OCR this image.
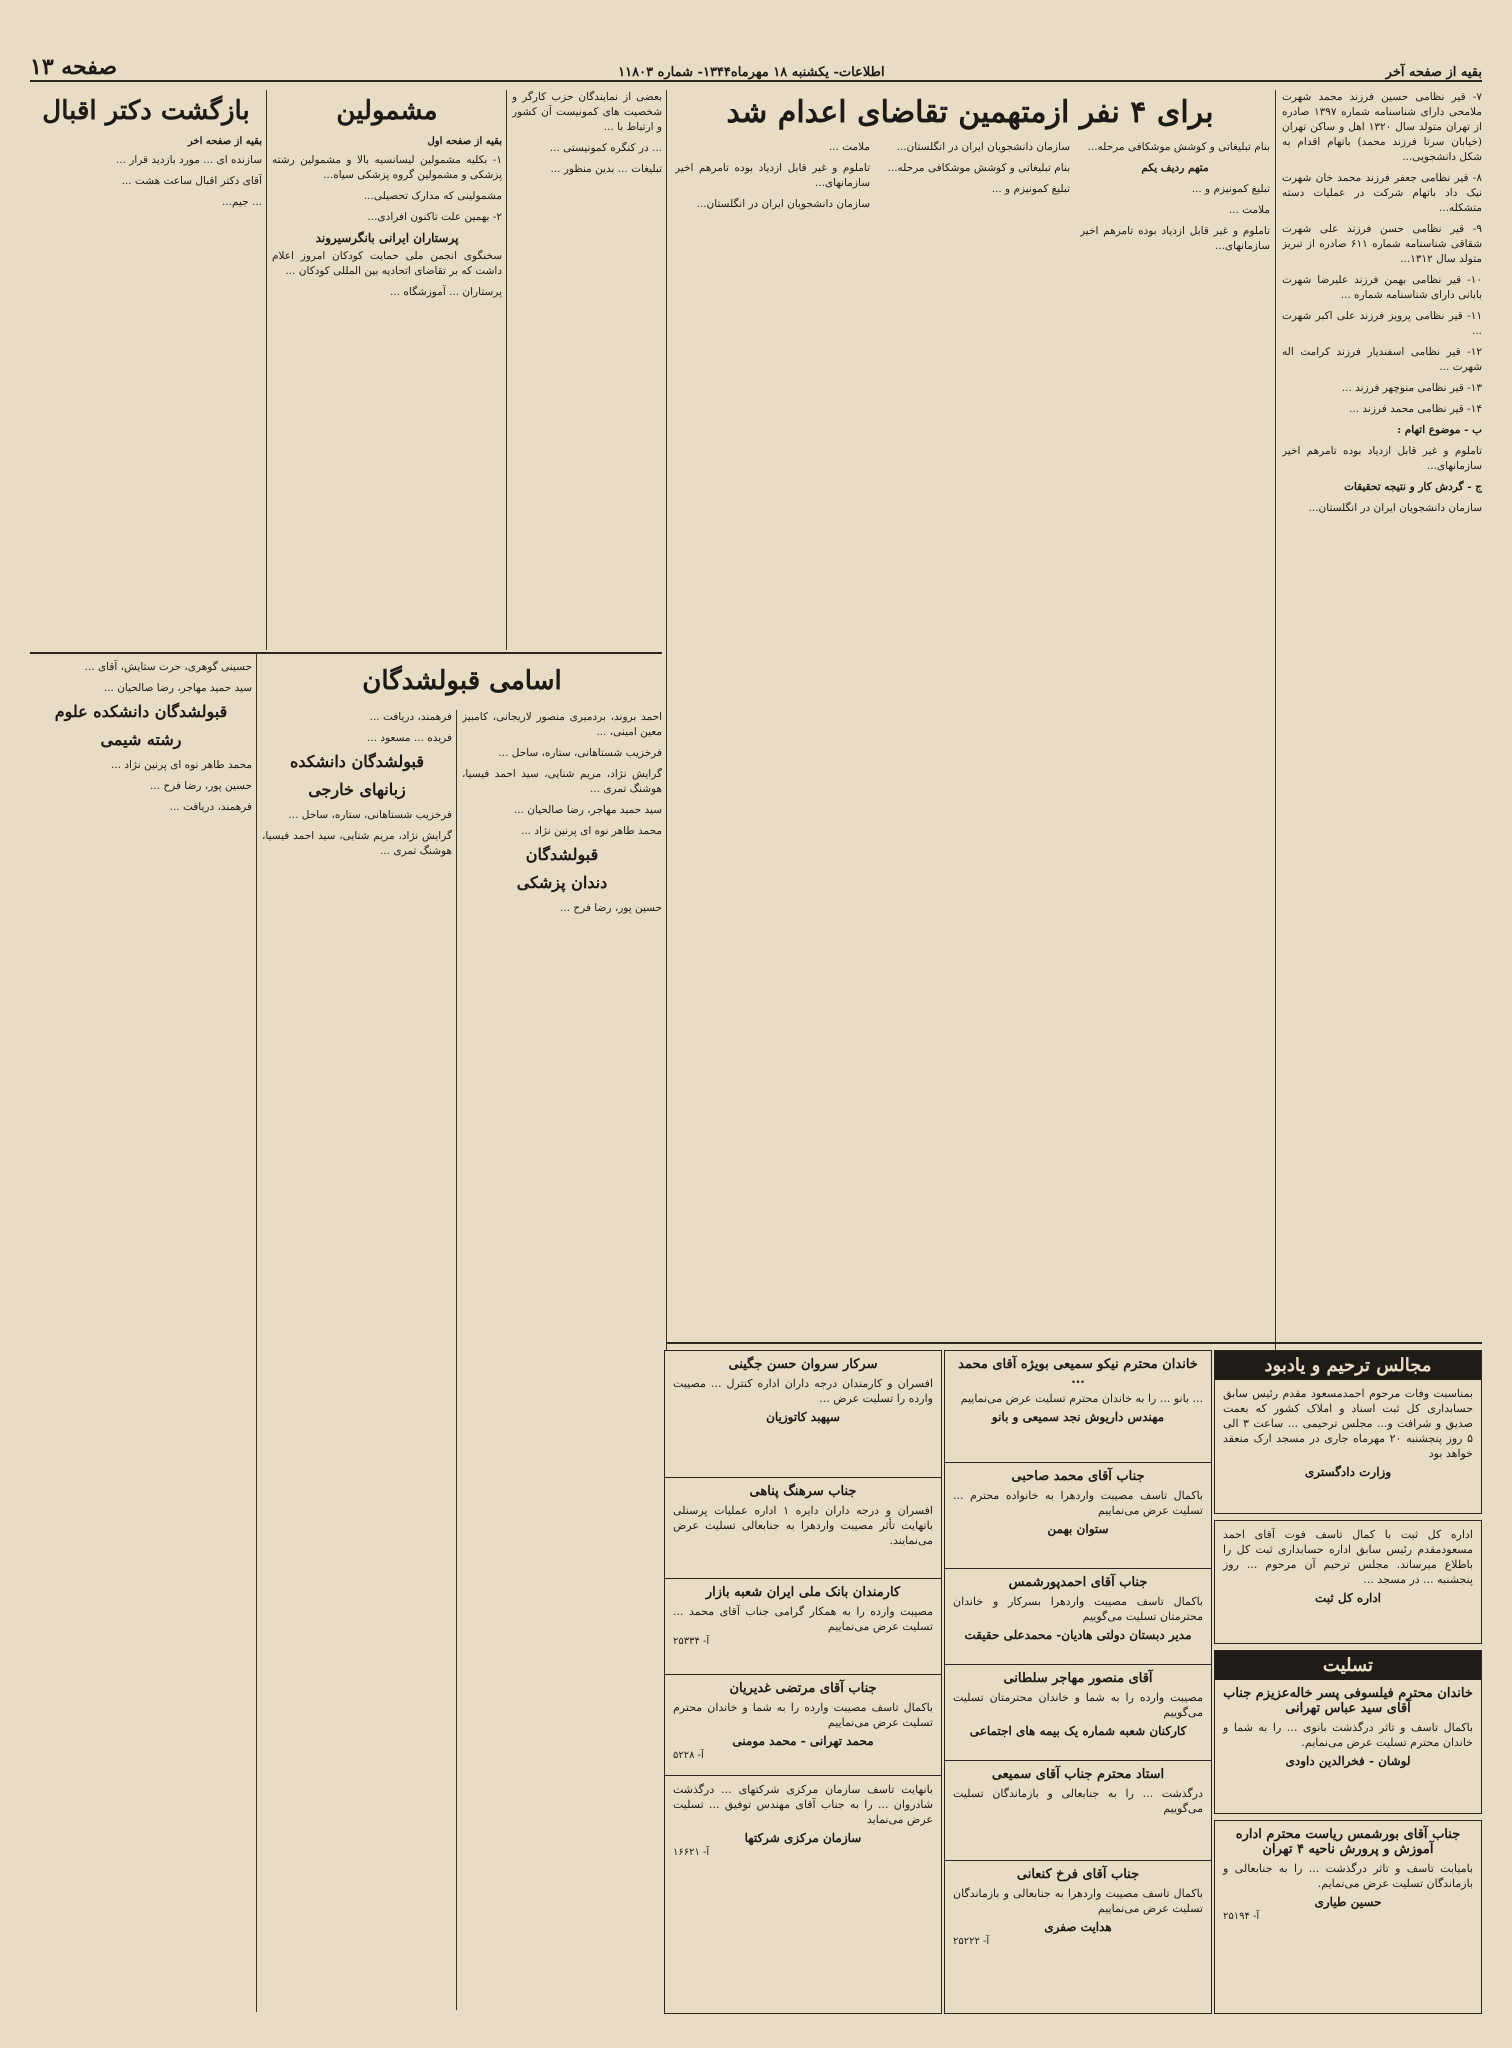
بقیه از صفحه آخر
اطلاعات- یکشنبه ۱۸ مهرماه۱۳۴۴- شماره ۱۱۸۰۳
صفحه ۱۳

۷- قیر نظامی حسین فرزند محمد شهرت ملامحی دارای شناسنامه شماره ۱۳۹۷ صادره از تهران متولد سال ۱۳۲۰ اهل و ساکن تهران (خیابان سرتا فرزند محمد) باتهام اقدام به شکل دانشجویی...

۸- قیر نظامی جعفر فرزند محمد خان شهرت نیک داد باتهام شرکت در عملیات دسته متشکله...

۹- قیر نظامی حسن فرزند علی شهرت شقاقی شناسنامه شماره ۶۱۱ صادره از تبریز متولد سال ۱۳۱۲...

۱۰- قیر نظامی بهمن فرزند علیرضا شهرت بابانی دارای شناسنامه شماره ...

۱۱- قیر نظامی پرویز فرزند علی اکبر شهرت ...

۱۲- قیر نظامی اسفندیار فرزند کرامت اله شهرت ...

۱۳- قیر نظامی منوچهر فرزند ...

۱۴- قیر نظامی محمد فرزند ...

ب - موضوع اتهام :

تاملوم و غیر قابل ازدیاد بوده تامرهم اخیر سازمانهای...

ج - گردش کار و نتیجه تحقیقات

سازمان دانشجویان ایران در انگلستان...

برای ۴ نفر ازمتهمین تقاضای اعدام شد

بنام تبلیغاتی و کوشش موشکافی مرحله...

متهم ردیف یکم

تبلیغ کمونیزم و ...

ملامت ...

تاملوم و غیر قابل ازدیاد بوده تامرهم اخیر سازمانهای...

سازمان دانشجویان ایران در انگلستان...

بنام تبلیغاتی و کوشش موشکافی مرحله...

تبلیغ کمونیزم و ...

ملامت ...

تاملوم و غیر قابل ازدیاد بوده تامرهم اخیر سازمانهای...

سازمان دانشجویان ایران در انگلستان...

بعضی از نمایندگان حزب کارگر و شخصیت های کمونیست آن کشور و ارتباط با ...

... در کنگره کمونیستی ...

تبلیغات ... بدین منظور ...

مشمولین
بقیه از صفحه اول

۱- بکلیه مشمولین لیسانسیه بالا و مشمولین رشته پزشکی و مشمولین گروه پزشکی سیاه...

مشمولینی که مدارک تحصیلی...

۲- بهمین علت تاکنون افرادی...

پرستاران ایرانی بانگرسیروند

سخنگوی انجمن ملی حمایت کودکان امروز اعلام داشت که بر تقاضای اتحادیه بین المللی کودکان ...

پرستاران ... آموزشگاه ...

بازگشت دکتر اقبال
بقیه از صفحه اخر

سازنده ای ... مورد بازدید قرار ...

آقای دکتر اقبال ساعت هشت ...

... جیم...

اسامی قبولشدگان

احمد بروند، بردمیری منصور لاریجانی، کامبیز معین امینی، ...

فرخزیب شستاهانی، ستاره، ساحل ...

گرایش نژاد، مریم شنایی، سید احمد فیسیا، هوشنگ تمری ...

سید حمید مهاجر، رضا صالحیان ...

محمد طاهر نوه ای پرنین نژاد ...

قبولشدگان
دندان پزشکی

حسین پور، رضا فرح ...

فرهمند، دریافت ...

فریده ... مسعود ...

قبولشدگان دانشکده
زبانهای خارجی

فرخزیب شستاهانی، ستاره، ساحل ...

گرایش نژاد، مریم شنایی، سید احمد فیسیا، هوشنگ تمری ...

حسینی گوهری، حرت ستایش، آقای ...

سید حمید مهاجر، رضا صالحیان ...

قبولشدگان دانشکده علوم
رشته شیمی

محمد طاهر نوه ای پرنین نژاد ...

حسین پور، رضا فرح ...

فرهمند، دریافت ...

مجالس ترحیم و یادبود
بمناسبت وفات مرحوم احمدمسعود مقدم رئیس سابق حسابداری کل ثبت اسناد و املاک کشور که بعمت صدیق و شرافت و... مجلس ترحیمی ... ساعت ۳ الی ۵ روز پنجشنبه ۲۰ مهرماه جاری در مسجد ارک منعقد خواهد بود
وزارت دادگستری
اداره کل ثبت با کمال تاسف فوت آقای احمد مسعودمقدم رئیس سابق اداره حسابداری ثبت کل را باطلاع میرساند. مجلس ترحیم آن مرحوم ... روز پنجشنبه ... در مسجد ...
اداره کل ثبت
تسلیت
خاندان محترم فیلسوفی پسر خاله‌عزیزم جناب آقای سید عباس تهرانی
باکمال تاسف و تاثر درگذشت بانوی ... را به شما و خاندان محترم تسلیت عرض می‌نمایم.
لوشان - فخرالدین داودی
جناب آقای بورشمس ریاست محترم اداره آموزش و پرورش ناحیه ۴ تهران
بامیابت تاسف و تاثر درگذشت ... را به جنابعالی و بازماندگان تسلیت عرض می‌نمایم.
حسین طیاری
آ- ۲۵۱۹۴
خاندان محترم نیکو سمیعی بویژه آقای محمد ...
... بانو ... را به خاندان محترم تسلیت عرض می‌نماییم
مهندس داریوش نجد سمیعی و بانو
جناب آقای محمد صاحبی
باکمال تاسف مصیبت واردهرا به خانواده محترم ... تسلیت عرض می‌نماییم
ستوان بهمن
جناب آقای احمدپورشمس
باکمال تاسف مصیبت واردهرا بسرکار و خاندان محترمتان تسلیت می‌گوییم
مدیر دبستان دولتی هادیان- محمدعلی حقیقت
آقای منصور مهاجر سلطانی
مصیبت وارده را به شما و خاندان محترمتان تسلیت می‌گوییم
کارکنان شعبه شماره یک بیمه های اجتماعی
استاد محترم جناب آقای سمیعی
درگذشت ... را به جنابعالی و بازماندگان تسلیت می‌گوییم
جناب آقای فرخ کنعانی
باکمال تاسف مصیبت واردهرا به جنابعالی و بازماندگان تسلیت عرض می‌نماییم
هدایت صفری
آ- ۲۵۲۲۲
سرکار سروان حسن جگینی
افسران و کارمندان درجه داران اداره کنترل ... مصیبت وارده را تسلیت عرض ...
سپهبد کاتوزیان
جناب سرهنگ پناهی
افسران و درجه داران دایره ۱ اداره عملیات پرسنلی باتهایت تأثر مصیبت واردهرا به جنابعالی تسلیت عرض می‌نمایند.
کارمندان بانک ملی ایران شعبه بازار
مصیبت وارده را به همکار گرامی جناب آقای محمد ... تسلیت عرض می‌نماییم
آ- ۲۵۳۳۴
جناب آقای مرتضی غدیریان
باکمال تاسف مصیبت وارده را به شما و خاندان محترم تسلیت عرض می‌نماییم
محمد تهرانی - محمد مومنی
آ- ۵۲۲۸
بانهایت تاسف سازمان مرکزی شرکتهای ... درگذشت شادروان ... را به جناب آقای مهندس توفیق ... تسلیت عرض می‌نماید
سازمان مرکزی شرکتها
آ- ۱۶۶۲۱
